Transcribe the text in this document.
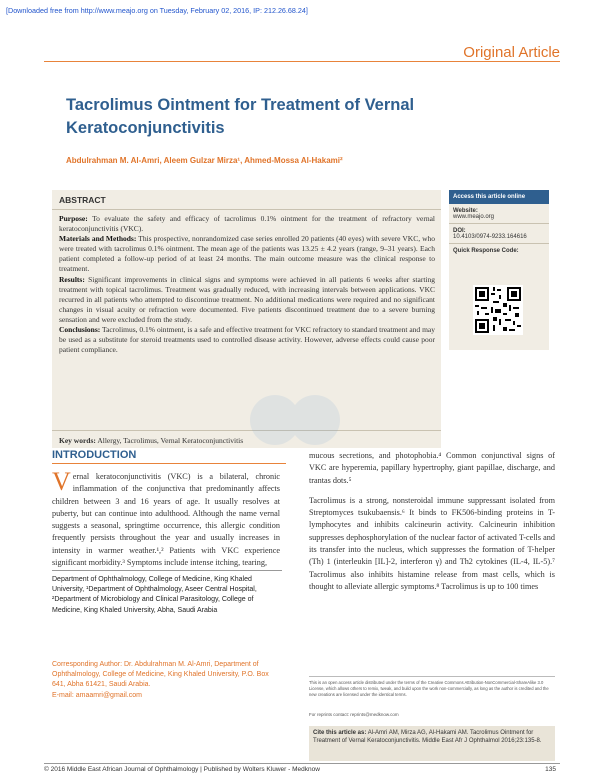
[Downloaded free from http://www.meajo.org on Tuesday, February 02, 2016, IP: 212.26.68.24]
Original Article
Tacrolimus Ointment for Treatment of Vernal Keratoconjunctivitis
Abdulrahman M. Al-Amri, Aleem Gulzar Mirza¹, Ahmed-Mossa Al-Hakami²
ABSTRACT

Purpose: To evaluate the safety and efficacy of tacrolimus 0.1% ointment for the treatment of refractory vernal keratoconjunctivitis (VKC).

Materials and Methods: This prospective, nonrandomized case series enrolled 20 patients (40 eyes) with severe VKC, who were treated with tacrolimus 0.1% ointment. The mean age of the patients was 13.25 ± 4.2 years (range, 9–31 years). Each patient completed a follow-up period of at least 24 months. The main outcome measure was the clinical response to treatment.

Results: Significant improvements in clinical signs and symptoms were achieved in all patients 6 weeks after starting treatment with topical tacrolimus. Treatment was gradually reduced, with increasing intervals between applications. VKC recurred in all patients who attempted to discontinue treatment. No additional medications were required and no significant changes in visual acuity or refraction were documented. Five patients discontinued treatment due to a severe burning sensation and were excluded from the study.

Conclusions: Tacrolimus, 0.1% ointment, is a safe and effective treatment for VKC refractory to standard treatment and may be used as a substitute for steroid treatments used to controlled disease activity. However, adverse effects could cause poor patient compliance.

Key words: Allergy, Tacrolimus, Vernal Keratoconjunctivitis
Access this article online
Website:
www.meajo.org
DOI:
10.4103/0974-9233.164616
Quick Response Code:
INTRODUCTION
Vernal keratoconjunctivitis (VKC) is a bilateral, chronic inflammation of the conjunctiva that predominantly affects children between 3 and 16 years of age. It usually resolves at puberty, but can continue into adulthood. Although the name vernal suggests a seasonal, springtime occurrence, this allergic condition frequently persists throughout the year and usually increases in intensity in warmer weather.¹,² Patients with VKC experience significant morbidity.³ Symptoms include intense itching, tearing,

mucous secretions, and photophobia.⁴ Common conjunctival signs of VKC are hyperemia, papillary hypertrophy, giant papillae, discharge, and trantas dots.⁵

Tacrolimus is a strong, nonsteroidal immune suppressant isolated from Streptomyces tsukubaensis.⁶ It binds to FK506-binding proteins in T-lymphocytes and inhibits calcineurin activity. Calcineurin inhibition suppresses dephosphorylation of the nuclear factor of activated T-cells and its transfer into the nucleus, which suppresses the formation of T-helper (Th) 1 (interleukin [IL]-2, interferon γ) and Th2 cytokines (IL-4, IL-5).⁷ Tacrolimus also inhibits histamine release from mast cells, which is thought to alleviate allergic symptoms.⁸ Tacrolimus is up to 100 times

Department of Ophthalmology, College of Medicine, King Khaled University, ¹Department of Ophthalmology, Aseer Central Hospital, ²Department of Microbiology and Clinical Parasitology, College of Medicine, King Khaled University, Abha, Saudi Arabia
Corresponding Author: Dr. Abdulrahman M. Al-Amri, Department of Ophthalmology, College of Medicine, King Khaled University, P.O. Box 641, Abha 61421, Saudi Arabia.
E-mail: amaamri@gmail.com
This is an open access article distributed under the terms of the Creative Commons Attribution-NonCommercial-ShareAlike 3.0 License, which allows others to remix, tweak, and build upon the work non-commercially, as long as the author is credited and the new creations are licensed under the identical terms.
For reprints contact: reprints@medknow.com
Cite this article as: Al-Amri AM, Mirza AG, Al-Hakami AM. Tacrolimus Ointment for Treatment of Vernal Keratoconjunctivitis. Middle East Afr J Ophthalmol 2016;23:135-8.
© 2016 Middle East African Journal of Ophthalmology | Published by Wolters Kluwer - Medknow	135
